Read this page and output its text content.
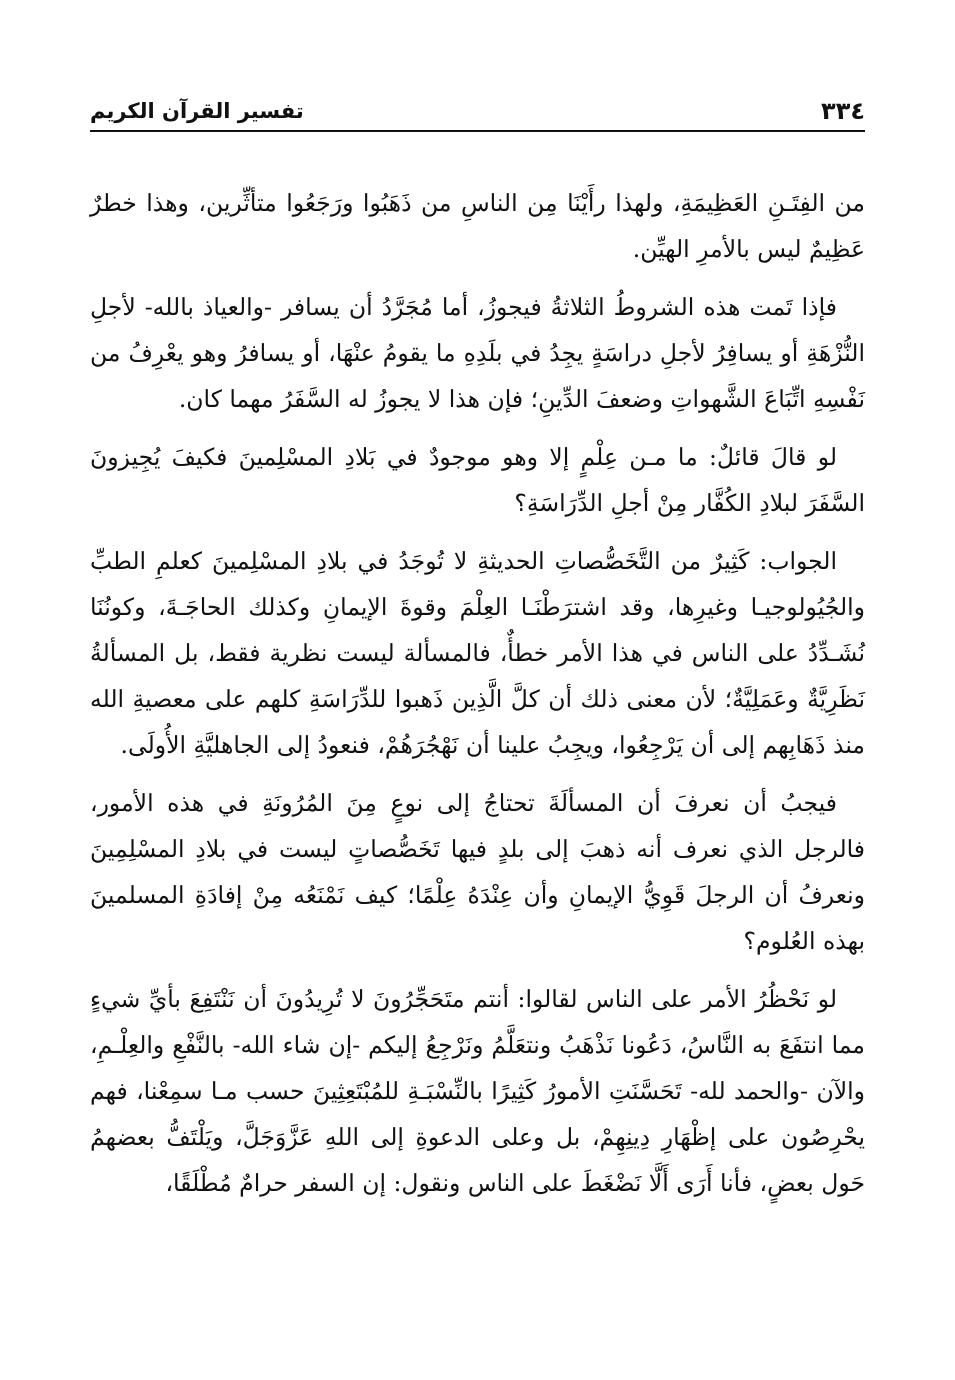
٣٣٤
تفسير القرآن الكريم

من الفِتَـنِ العَظِيمَةِ، ولهذا رأَيْنَا مِن الناسِ من ذَهَبُوا ورَجَعُوا متأثِّرين، وهذا خطرٌ عَظِيمٌ ليس بالأمرِ الهيِّن.

فإذا تَمت هذه الشروطُ الثلاثةُ فيجوزُ، أما مُجَرَّدُ أن يسافر -والعياذ بالله- لأجلِ النُّزْهَةِ أو يسافِرُ لأجلِ دراسَةٍ يجِدُ في بلَدِهِ ما يقومُ عنْهَا، أو يسافرُ وهو يعْرِفُ من نَفْسِهِ اتِّبَاعَ الشَّهواتِ وضعفَ الدِّينِ؛ فإن هذا لا يجوزُ له السَّفَرُ مهما كان.

لو قالَ قائلٌ: ما مـن عِلْمٍ إلا وهو موجودٌ في بَلادِ المسْلِمينَ فكيفَ يُجِيزونَ السَّفَرَ لبلادِ الكُفَّار مِنْ أجلِ الدِّرَاسَةِ؟

الجواب: كَثِيرٌ من التَّخَصُّصاتِ الحديثةِ لا تُوجَدُ في بلادِ المسْلِمينَ كعلمِ الطبِّ والجُيُولوجيـا وغيرِها، وقد اشترَطْنَـا العِلْمَ وقوةَ الإيمانِ وكذلك الحاجَـةَ، وكونُنَا نُشَـدِّدُ على الناس في هذا الأمر خطأٌ، فالمسألة ليست نظرية فقط، بل المسألةُ نَظَرِيَّةٌ وعَمَلِيَّةٌ؛ لأن معنى ذلك أن كلَّ الَّذِين ذَهبوا للدِّرَاسَةِ كلهم على معصيةِ الله منذ ذَهَابِهم إلى أن يَرْجِعُوا، ويجِبُ علينا أن نَهْجُرَهُمْ، فنعودُ إلى الجاهليَّةِ الأُولَى.

فيجبُ أن نعرفَ أن المسألَةَ تحتاجُ إلى نوعٍ مِنَ المُرُونَةِ في هذه الأمور، فالرجل الذي نعرف أنه ذهبَ إلى بلدٍ فيها تَخَصُّصاتٍ ليست في بلادِ المسْلِمِينَ ونعرفُ أن الرجلَ قَوِيُّ الإيمانِ وأن عِنْدَهُ عِلْمًا؛ كيف نَمْنَعُه مِنْ إفادَةِ المسلمينَ بهذه العُلوم؟

لو نَحْظُرُ الأمر على الناس لقالوا: أنتم متَحَجِّرُونَ لا تُرِيدُونَ أن نَنْتَفِعَ بأيِّ شيءٍ مما انتفَعَ به النَّاسُ، دَعُونا نَذْهَبُ ونتعَلَّمُ ونَرْجِعُ إليكم -إن شاء الله- بالنَّفْعِ والعِلْـمِ، والآن -والحمد لله- تَحَسَّنَتِ الأمورُ كَثِيرًا بالنِّسْبَـةِ للمُبْتَعِثِينَ حسب مـا سمِعْنا، فهم يحْرِصُون على إظْهَارِ دِينِهِمْ، بل وعلى الدعوةِ إلى اللهِ عَزَّوَجَلَّ، ويَلْتَفُّ بعضهمُ حَول بعضٍ، فأنا أَرَى أَلَّا نَضْغَطَ على الناس ونقول: إن السفر حرامٌ مُطْلَقًا،
